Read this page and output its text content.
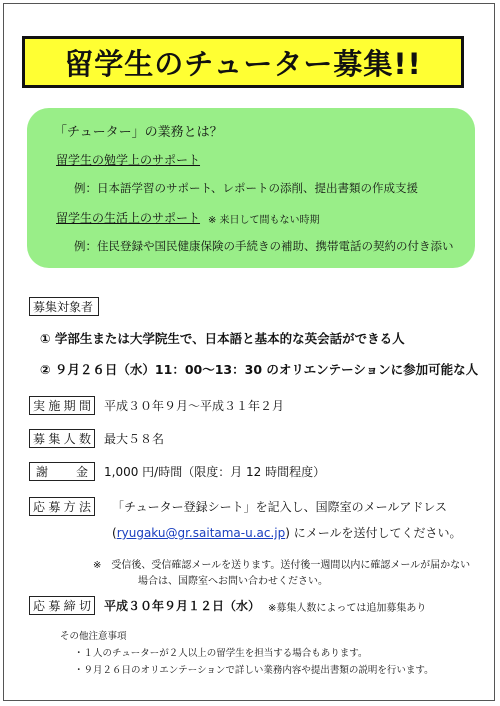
留学生のチューター募集!!
「チューター」の業務とは？
留学生の勉学上のサポート
例：日本語学習のサポート、レポートの添削、提出書類の作成支援
留学生の生活上のサポート ※ 来日して間もない時期
例：住民登録や国民健康保険の手続きの補助、携帯電話の契約の付き添い
募集対象者
① 学部生または大学院生で、日本語と基本的な英会話ができる人
② ９月２６日（水）11：00～13：30 のオリエンテーションに参加可能な人
実 施 期 間 平成３０年９月～平成３１年２月
募 集 人 数 最大５８名
謝 金 1,000 円/時間（限度：月 12 時間程度）
応 募 方 法 「チューター登録シート」を記入し、国際室のメールアドレス
(ryugaku@gr.saitama-u.ac.jp) にメールを送付してください。
※　受信後、受信確認メールを送ります。送付後一週間以内に確認メールが届かない
場合は、国際室へお問い合わせください。
応 募 締 切 平成３０年９月１２日（水） ※募集人数によっては追加募集あり
その他注意事項
・１人のチューターが２人以上の留学生を担当する場合もあります。
・９月２６日のオリエンテーションで詳しい業務内容や提出書類の説明を行います。
